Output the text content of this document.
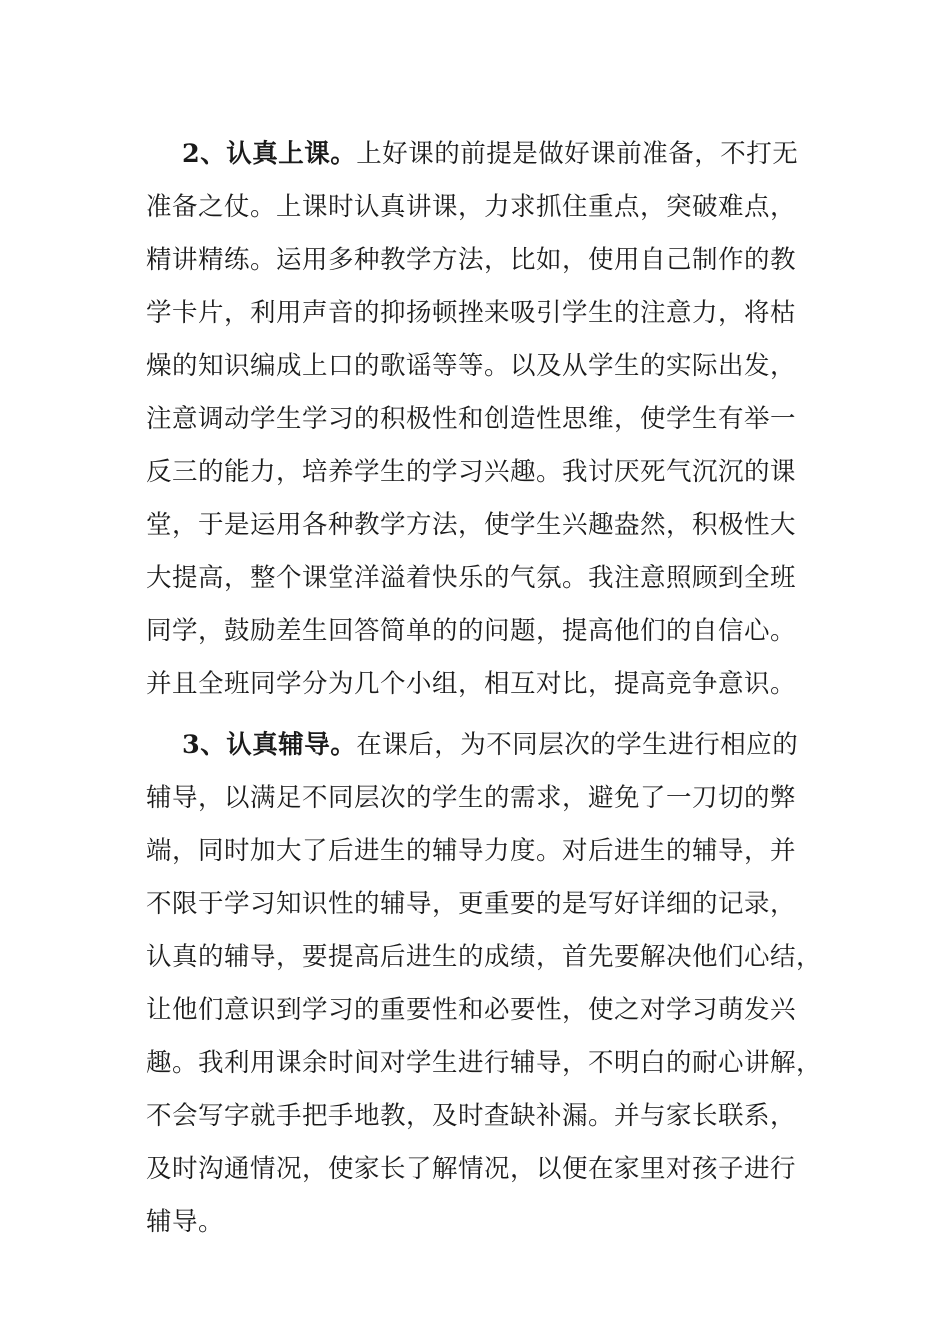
2、认真上课。上好课的前提是做好课前准备，不打无
准备之仗。上课时认真讲课，力求抓住重点，突破难点，
精讲精练。运用多种教学方法，比如，使用自己制作的教
学卡片，利用声音的抑扬顿挫来吸引学生的注意力，将枯
燥的知识编成上口的歌谣等等。以及从学生的实际出发，
注意调动学生学习的积极性和创造性思维，使学生有举一
反三的能力，培养学生的学习兴趣。我讨厌死气沉沉的课
堂，于是运用各种教学方法，使学生兴趣盎然，积极性大
大提高，整个课堂洋溢着快乐的气氛。我注意照顾到全班
同学，鼓励差生回答简单的的问题，提高他们的自信心。
并且全班同学分为几个小组，相互对比，提高竞争意识。
3、认真辅导。在课后，为不同层次的学生进行相应的
辅导，以满足不同层次的学生的需求，避免了一刀切的弊
端，同时加大了后进生的辅导力度。对后进生的辅导，并
不限于学习知识性的辅导，更重要的是写好详细的记录，
认真的辅导，要提高后进生的成绩，首先要解决他们心结，
让他们意识到学习的重要性和必要性，使之对学习萌发兴
趣。我利用课余时间对学生进行辅导，不明白的耐心讲解，
不会写字就手把手地教，及时查缺补漏。并与家长联系，
及时沟通情况，使家长了解情况，以便在家里对孩子进行
辅导。
